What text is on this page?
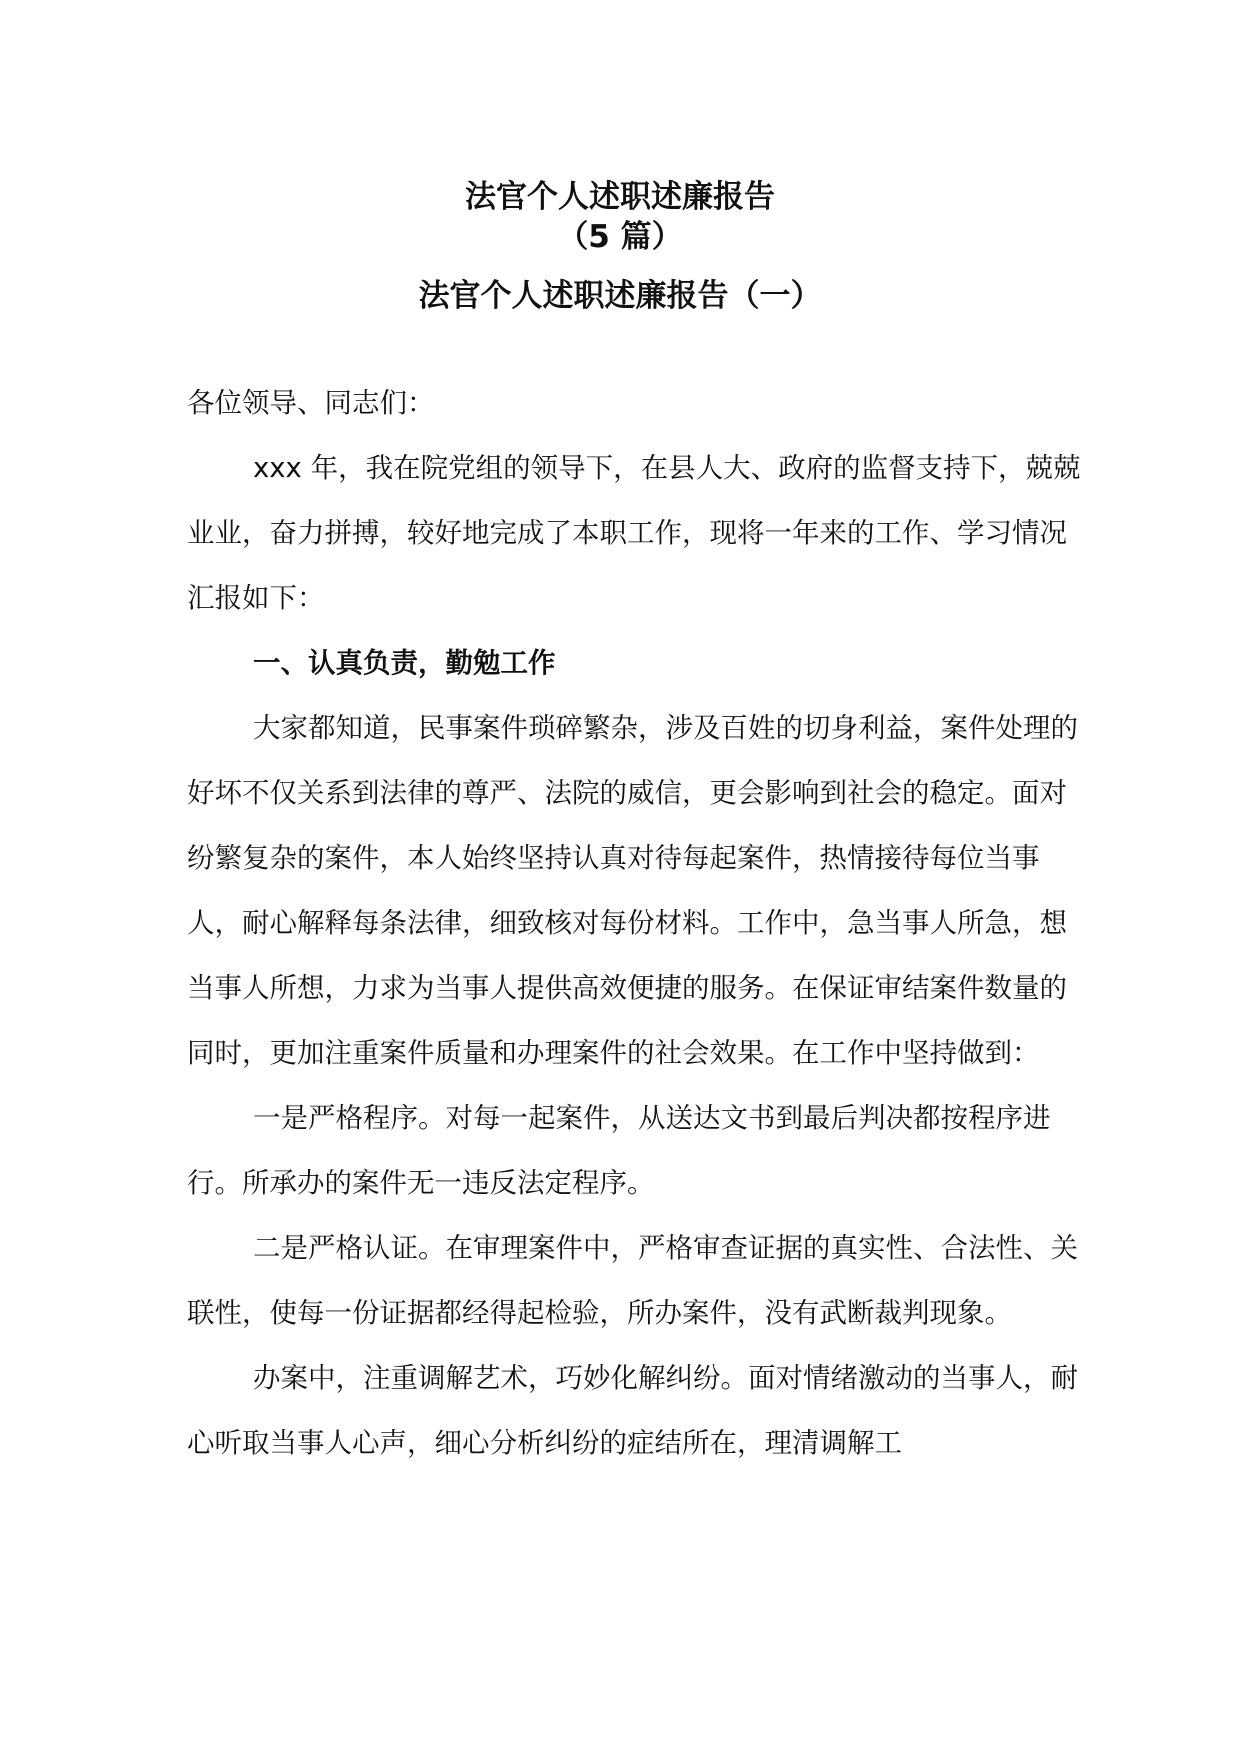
法官个人述职述廉报告
（5 篇）
法官个人述职述廉报告（一）

各位领导、同志们：

xxx 年，我在院党组的领导下，在县人大、政府的监督支持下，兢兢业业，奋力拼搏，较好地完成了本职工作，现将一年来的工作、学习情况汇报如下：

一、认真负责，勤勉工作

大家都知道，民事案件琐碎繁杂，涉及百姓的切身利益，案件处理的好坏不仅关系到法律的尊严、法院的威信，更会影响到社会的稳定。面对纷繁复杂的案件，本人始终坚持认真对待每起案件，热情接待每位当事人，耐心解释每条法律，细致核对每份材料。工作中，急当事人所急，想当事人所想，力求为当事人提供高效便捷的服务。在保证审结案件数量的同时，更加注重案件质量和办理案件的社会效果。在工作中坚持做到：

一是严格程序。对每一起案件，从送达文书到最后判决都按程序进行。所承办的案件无一违反法定程序。

二是严格认证。在审理案件中，严格审查证据的真实性、合法性、关联性，使每一份证据都经得起检验，所办案件，没有武断裁判现象。

办案中，注重调解艺术，巧妙化解纠纷。面对情绪激动的当事人，耐心听取当事人心声，细心分析纠纷的症结所在，理清调解工
